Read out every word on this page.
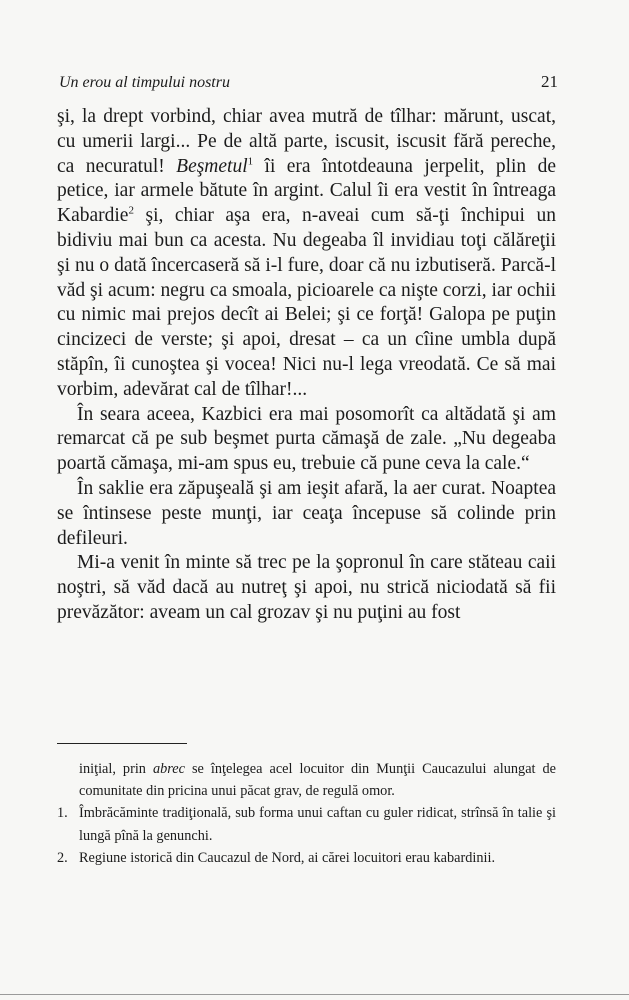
Un erou al timpului nostru	21

şi, la drept vorbind, chiar avea mutră de tîlhar: mărunt, uscat, cu umerii largi... Pe de altă parte, iscusit, iscusit fără pereche, ca necuratul! Beşmetul$^1$ îi era întotdeauna jerpelit, plin de petice, iar armele bătute în argint. Calul îi era vestit în întreaga Kabardie$^2$ şi, chiar aşa era, n-aveai cum să-ţi închipui un bidiviu mai bun ca acesta. Nu degeaba îl invidiau toţi călăreţii şi nu o dată încercaseră să i-l fure, doar că nu izbutiseră. Parcă-l văd şi acum: negru ca smoala, picioarele ca nişte corzi, iar ochii cu nimic mai prejos decît ai Belei; şi ce forţă! Galopa pe puţin cincizeci de verste; şi apoi, dresat – ca un cîine umbla după stăpîn, îi cunoştea şi vocea! Nici nu-l lega vreodată. Ce să mai vorbim, adevărat cal de tîlhar!...

În seara aceea, Kazbici era mai posomorît ca altădată şi am remarcat că pe sub beşmet purta cămaşă de zale. „Nu degeaba poartă cămaşa, mi-am spus eu, trebuie că pune ceva la cale.“

În saklie era zăpuşeală şi am ieşit afară, la aer curat. Noaptea se întinsese peste munţi, iar ceaţa începuse să colinde prin defileuri.

Mi-a venit în minte să trec pe la şopronul în care stăteau caii noştri, să văd dacă au nutreţ şi apoi, nu strică niciodată să fii prevăzător: aveam un cal grozav şi nu puţini au fost

iniţial, prin abrec se înţelegea acel locuitor din Munţii Caucazului alungat de comunitate din pricina unui păcat grav, de regulă omor.

1. Îmbrăcăminte tradiţională, sub forma unui caftan cu guler ridicat, strînsă în talie şi lungă pînă la genunchi.
2. Regiune istorică din Caucazul de Nord, ai cărei locuitori erau kabardinii.
